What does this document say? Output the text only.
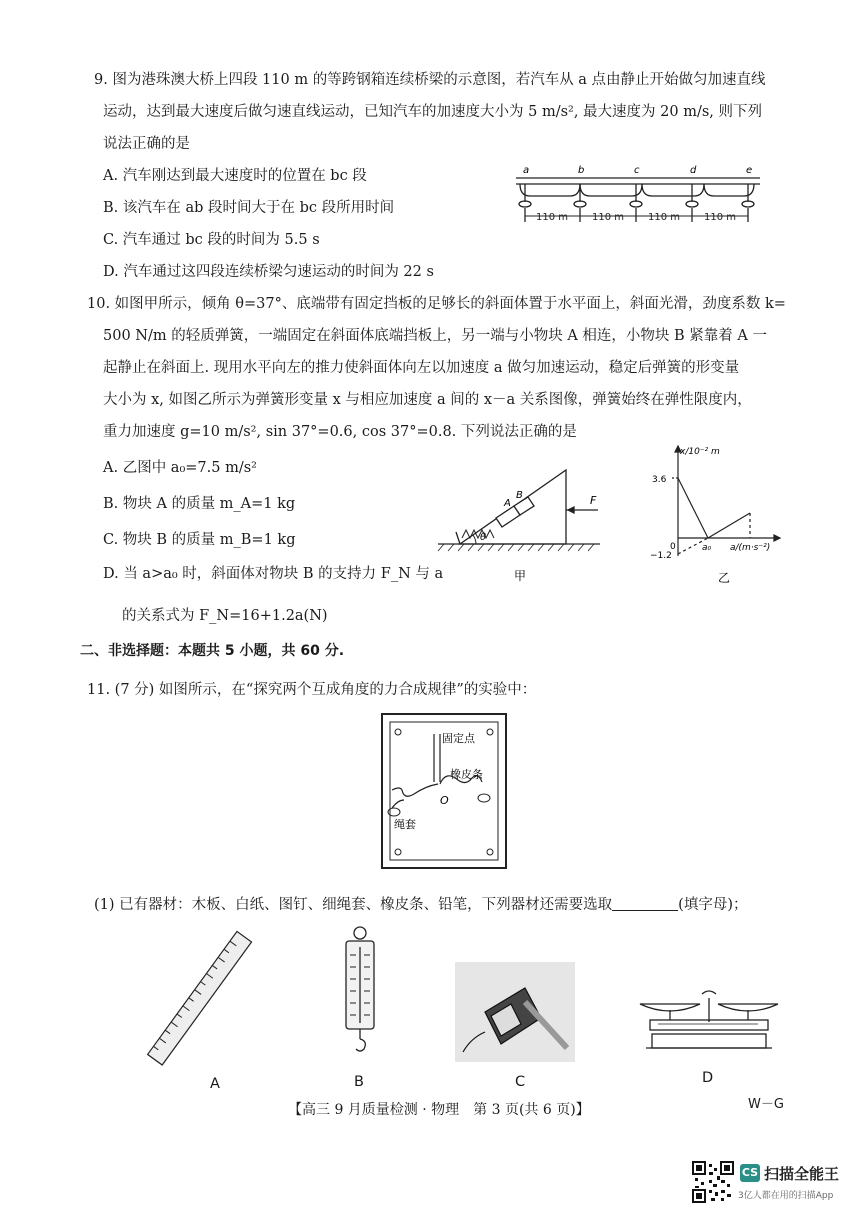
9. 图为港珠澳大桥上四段 110 m 的等跨钢箱连续桥梁的示意图，若汽车从 a 点由静止开始做匀加速直线
运动，达到最大速度后做匀速直线运动，已知汽车的加速度大小为 5 m/s², 最大速度为 20 m/s, 则下列
说法正确的是
A. 汽车刚达到最大速度时的位置在 bc 段
B. 该汽车在 ab 段时间大于在 bc 段所用时间
C. 汽车通过 bc 段的时间为 5.5 s
D. 汽车通过这四段连续桥梁匀速运动的时间为 22 s
a	b	c	d	e
110 m 110 m 110 m 110 m
10. 如图甲所示，倾角 θ=37°、底端带有固定挡板的足够长的斜面体置于水平面上，斜面光滑，劲度系数 k=
500 N/m 的轻质弹簧，一端固定在斜面体底端挡板上，另一端与小物块 A 相连，小物块 B 紧靠着 A 一
起静止在斜面上. 现用水平向左的推力使斜面体向左以加速度 a 做匀加速运动，稳定后弹簧的形变量
大小为 x, 如图乙所示为弹簧形变量 x 与相应加速度 a 间的 x－a 关系图像，弹簧始终在弹性限度内，
重力加速度 g=10 m/s², sin 37°=0.6, cos 37°=0.8. 下列说法正确的是
A. 乙图中 a₀=7.5 m/s²
B. 物块 A 的质量 m_A=1 kg
C. 物块 B 的质量 m_B=1 kg
D. 当 a>a₀ 时，斜面体对物块 B 的支持力 F_N 与 a
的关系式为 F_N=16+1.2a(N)
A
B	F
θ
甲
x/10⁻² m
3.6
0
−1.2
a₀ a/(m·s⁻²)
乙
二、非选择题：本题共 5 小题，共 60 分.
11. (7 分) 如图所示，在“探究两个互成角度的力合成规律”的实验中：
固定点
橡皮条
O
绳套
(1) 已有器材：木板、白纸、图钉、细绳套、橡皮条、铅笔，下列器材还需要选取	(填字母)；
A	B	C	D
【高三 9 月质量检测 · 物理　第 3 页(共 6 页)】	W－G
CS 扫描全能王
3亿人都在用的扫描App
